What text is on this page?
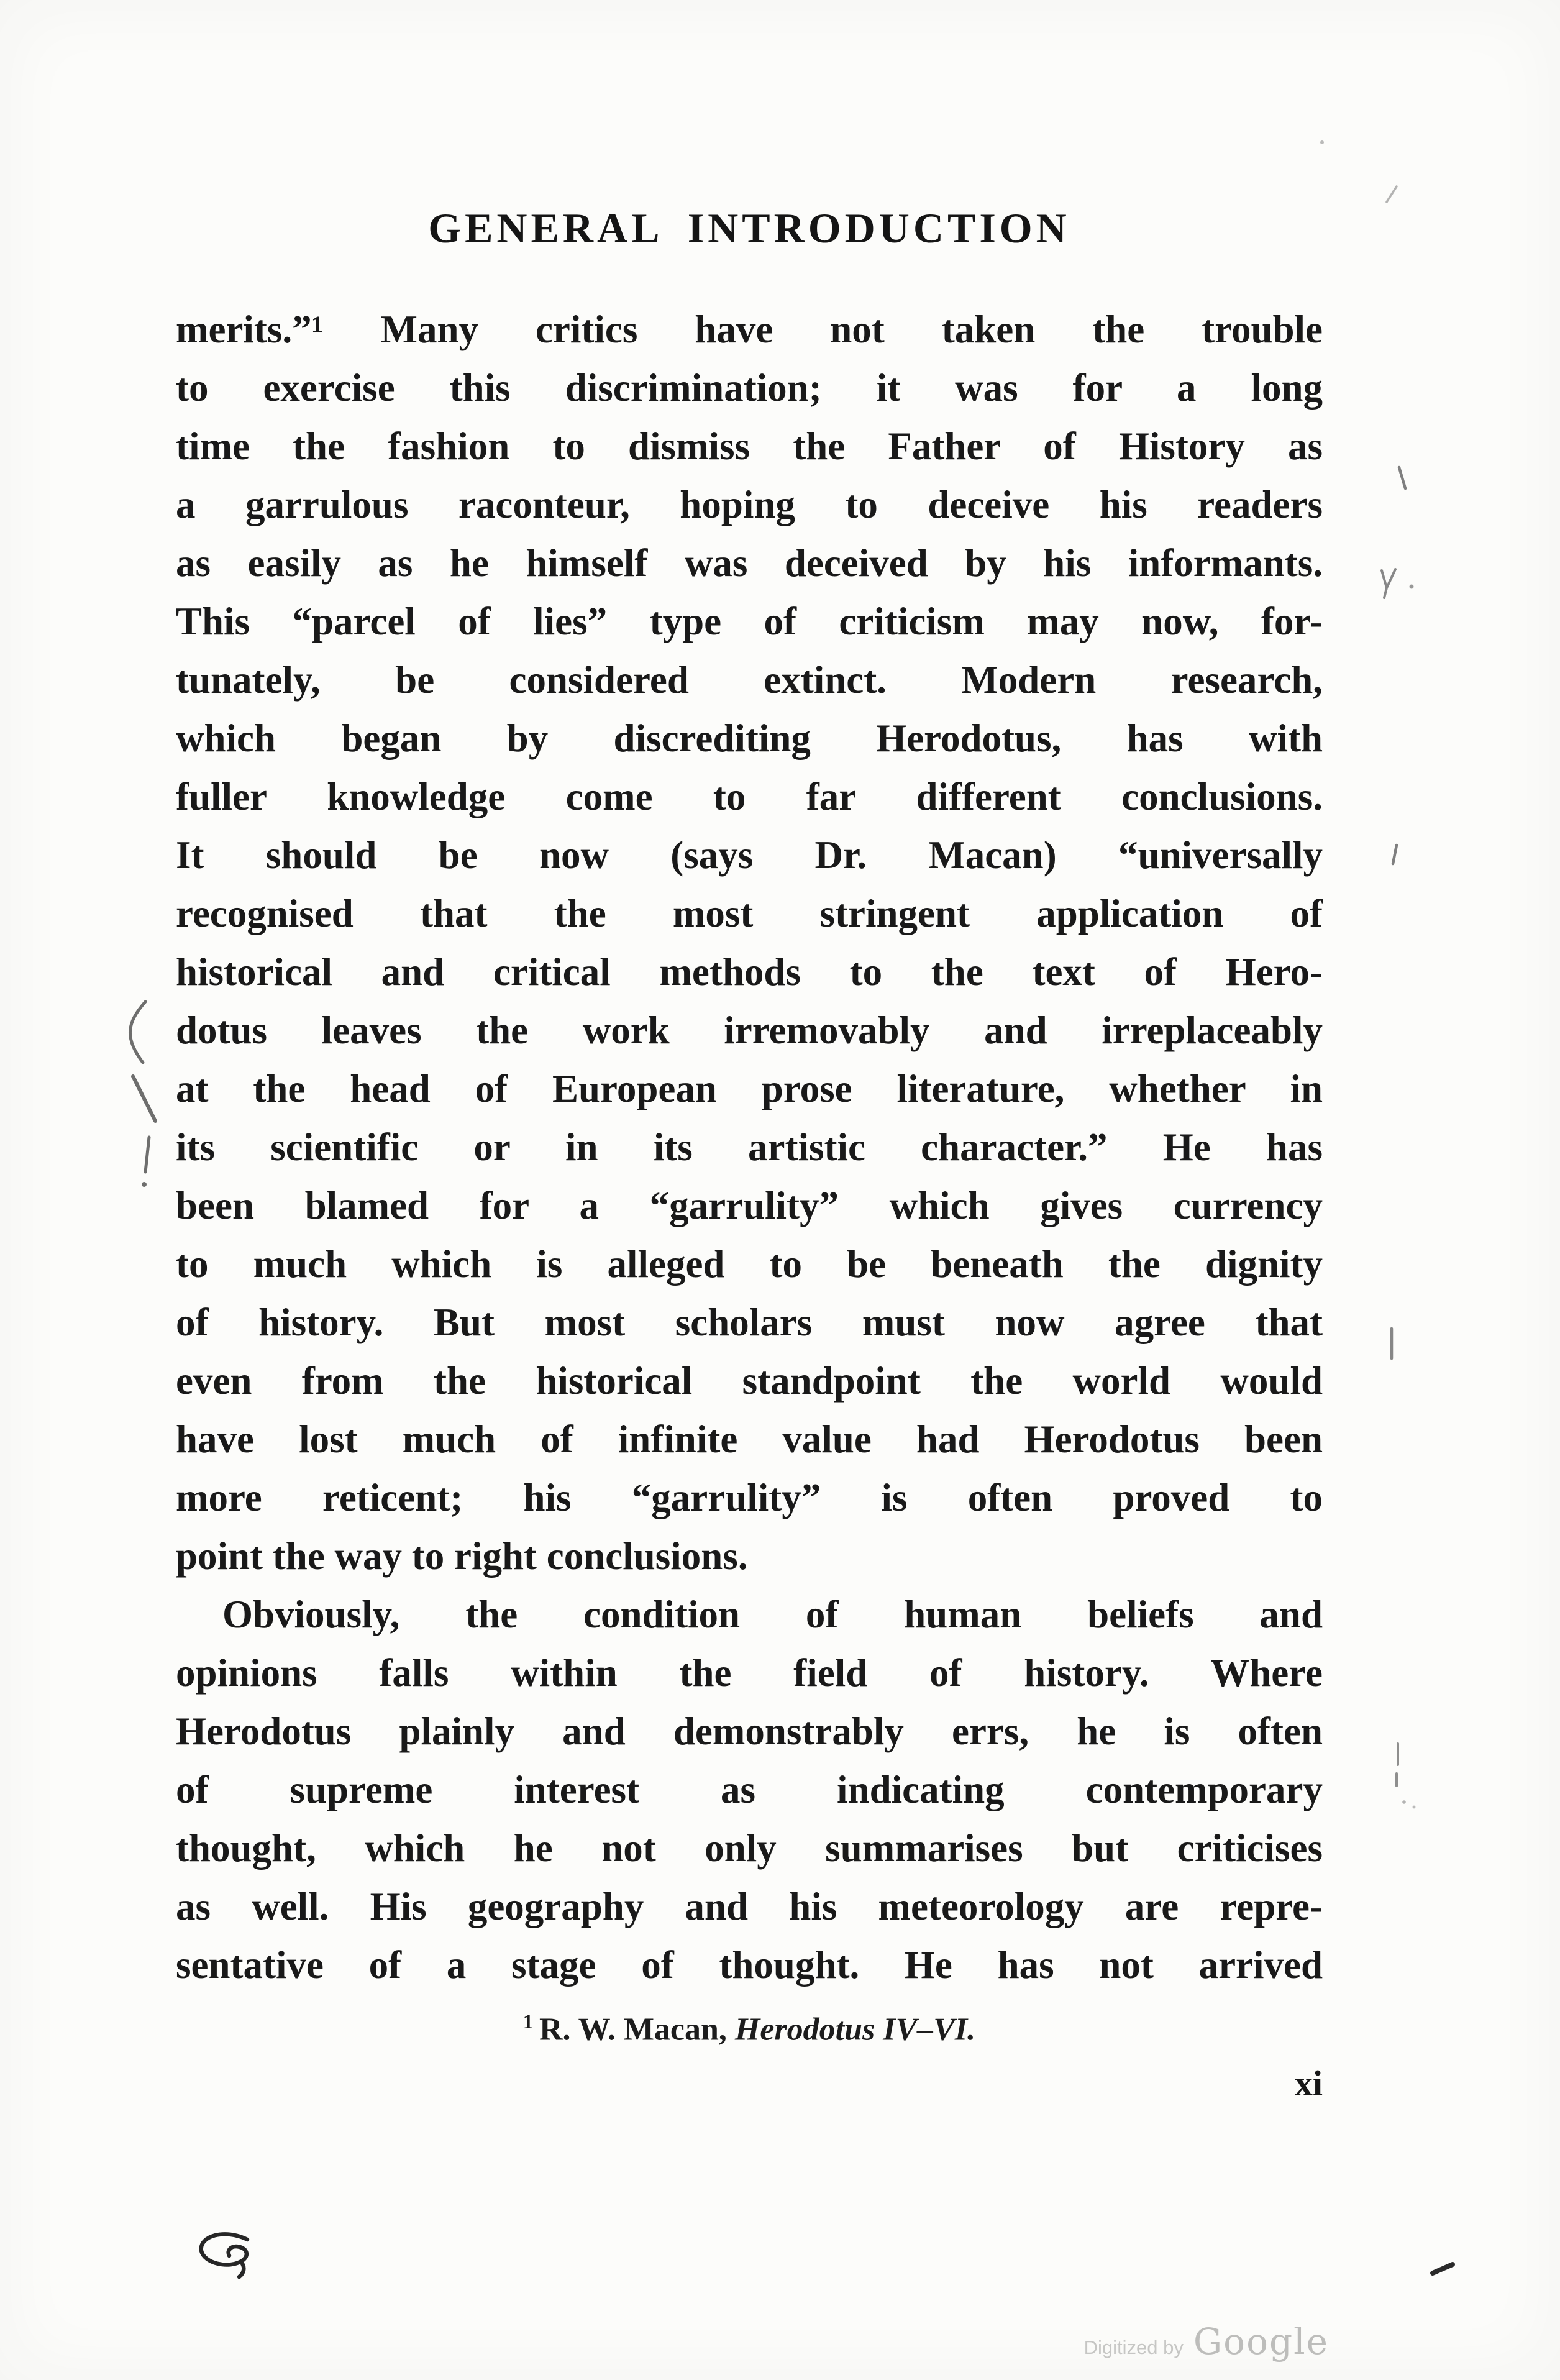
GENERAL INTRODUCTION
merits.”¹ Many critics have not taken the trouble
to exercise this discrimination; it was for a long
time the fashion to dismiss the Father of History as
a garrulous raconteur, hoping to deceive his readers
as easily as he himself was deceived by his informants.
This “parcel of lies” type of criticism may now, for-
tunately, be considered extinct. Modern research,
which began by discrediting Herodotus, has with
fuller knowledge come to far different conclusions.
It should be now (says Dr. Macan) “universally
recognised that the most stringent application of
historical and critical methods to the text of Hero-
dotus leaves the work irremovably and irreplaceably
at the head of European prose literature, whether in
its scientific or in its artistic character.” He has
been blamed for a “garrulity” which gives currency
to much which is alleged to be beneath the dignity
of history. But most scholars must now agree that
even from the historical standpoint the world would
have lost much of infinite value had Herodotus been
more reticent; his “garrulity” is often proved to
point the way to right conclusions.
Obviously, the condition of human beliefs and
opinions falls within the field of history. Where
Herodotus plainly and demonstrably errs, he is often
of supreme interest as indicating contemporary
thought, which he not only summarises but criticises
as well. His geography and his meteorology are repre-
sentative of a stage of thought. He has not arrived
$^1$ R. W. Macan, Herodotus IV–VI.
xi
Digitized by Google
